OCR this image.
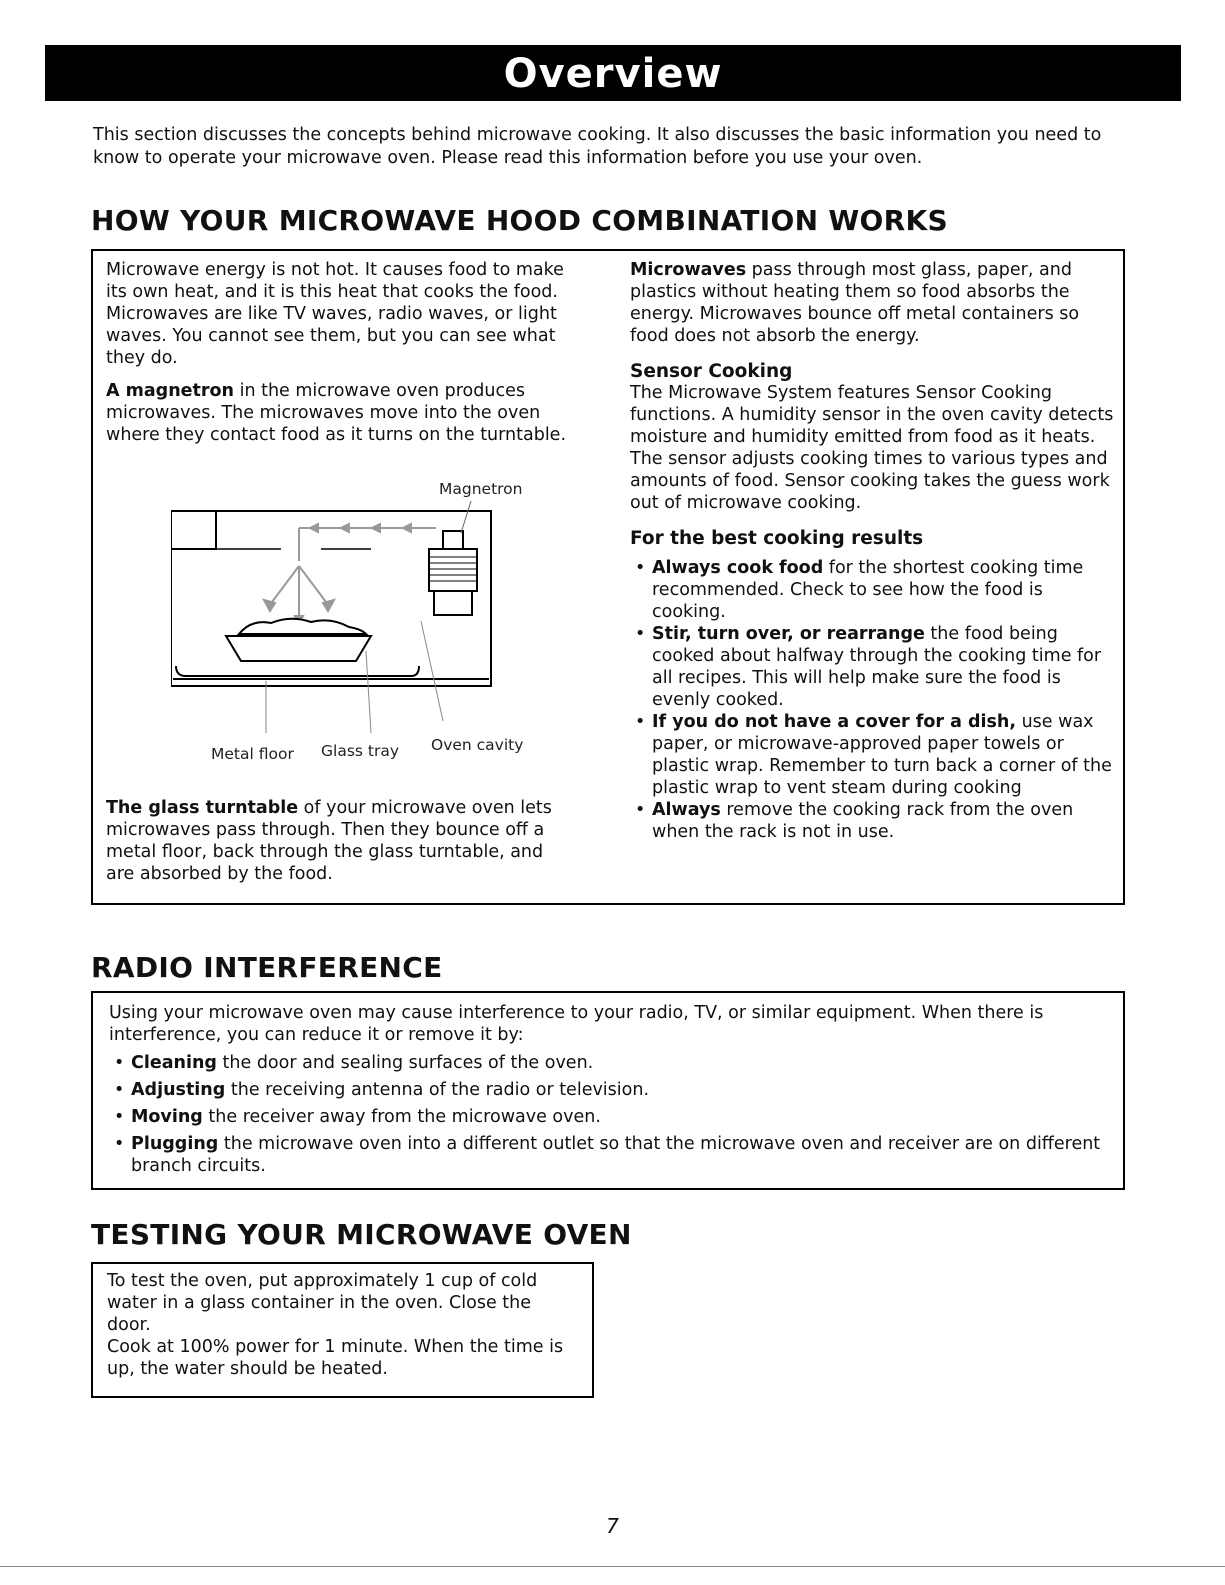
Overview

This section discusses the concepts behind microwave cooking. It also discusses the basic information you need to know to operate your microwave oven. Please read this information before you use your oven.

HOW YOUR MICROWAVE HOOD COMBINATION WORKS

Microwave energy is not hot. It causes food to make its own heat, and it is this heat that cooks the food. Microwaves are like TV waves, radio waves, or light waves. You cannot see them, but you can see what they do.

A magnetron in the microwave oven produces microwaves. The microwaves move into the oven where they contact food as it turns on the turntable.

Magnetron
Metal floor Glass tray Oven cavity

The glass turntable of your microwave oven lets microwaves pass through. Then they bounce off a metal floor, back through the glass turntable, and are absorbed by the food.

Microwaves pass through most glass, paper, and plastics without heating them so food absorbs the energy. Microwaves bounce off metal containers so food does not absorb the energy.

Sensor Cooking

The Microwave System features Sensor Cooking functions. A humidity sensor in the oven cavity detects moisture and humidity emitted from food as it heats. The sensor adjusts cooking times to various types and amounts of food. Sensor cooking takes the guess work out of microwave cooking.

For the best cooking results
• Always cook food for the shortest cooking time recommended. Check to see how the food is cooking.
• Stir, turn over, or rearrange the food being cooked about halfway through the cooking time for all recipes. This will help make sure the food is evenly cooked.
• If you do not have a cover for a dish, use wax paper, or microwave-approved paper towels or plastic wrap. Remember to turn back a corner of the plastic wrap to vent steam during cooking
• Always remove the cooking rack from the oven when the rack is not in use.
RADIO INTERFERENCE

Using your microwave oven may cause interference to your radio, TV, or similar equipment. When there is interference, you can reduce it or remove it by:

• Cleaning the door and sealing surfaces of the oven.
• Adjusting the receiving antenna of the radio or television.
• Moving the receiver away from the microwave oven.
• Plugging the microwave oven into a different outlet so that the microwave oven and receiver are on different branch circuits.
TESTING YOUR MICROWAVE OVEN

To test the oven, put approximately 1 cup of cold water in a glass container in the oven. Close the door.

Cook at 100% power for 1 minute. When the time is up, the water should be heated.

7
